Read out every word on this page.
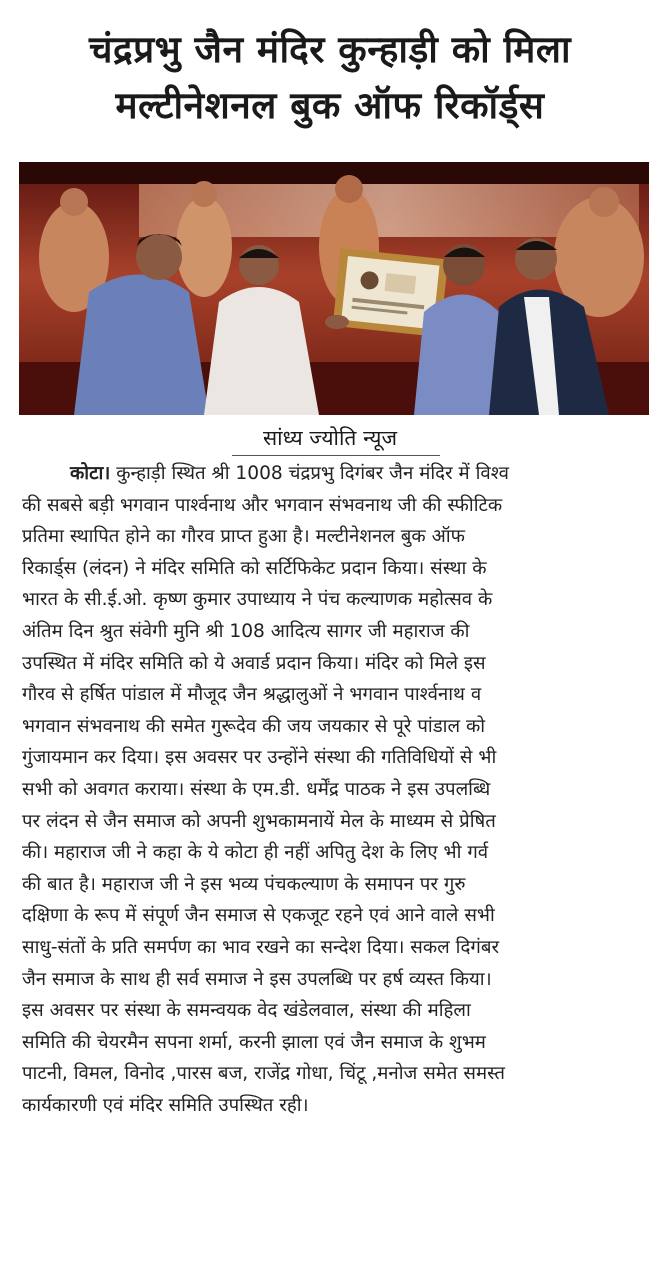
चंद्रप्रभु जैन मंदिर कुन्हाड़ी को मिला
मल्टीनेशनल बुक ऑफ रिकॉर्ड्स
सांध्य ज्योति न्यूज
कोटा। कुन्हाड़ी स्थित श्री 1008 चंद्रप्रभु दिगंबर जैन मंदिर में विश्व
की सबसे बड़ी भगवान पार्श्वनाथ और भगवान संभवनाथ जी की स्फीटिक
प्रतिमा स्थापित होने का गौरव प्राप्त हुआ है। मल्टीनेशनल बुक ऑफ
रिकार्ड्स (लंदन) ने मंदिर समिति को सर्टिफिकेट प्रदान किया। संस्था के
भारत के सी.ई.ओ. कृष्ण कुमार उपाध्याय ने पंच कल्याणक महोत्सव के
अंतिम दिन श्रुत संवेगी मुनि श्री 108 आदित्य सागर जी महाराज की
उपस्थित में मंदिर समिति को ये अवार्ड प्रदान किया। मंदिर को मिले इस
गौरव से हर्षित पांडाल में मौजूद जैन श्रद्धालुओं ने भगवान पार्श्वनाथ व
भगवान संभवनाथ की समेत गुरूदेव की जय जयकार से पूरे पांडाल को
गुंजायमान कर दिया। इस अवसर पर उन्होंने संस्था की गतिविधियों से भी
सभी को अवगत कराया। संस्था के एम.डी. धर्मेंद्र पाठक ने इस उपलब्धि
पर लंदन से जैन समाज को अपनी शुभकामनायें मेल के माध्यम से प्रेषित
की। महाराज जी ने कहा के ये कोटा ही नहीं अपितु देश के लिए भी गर्व
की बात है। महाराज जी ने इस भव्य पंचकल्याण के समापन पर गुरु
दक्षिणा के रूप में संपूर्ण जैन समाज से एकजूट रहने एवं आने वाले सभी
साधु-संतों के प्रति समर्पण का भाव रखने का सन्देश दिया। सकल दिगंबर
जैन समाज के साथ ही सर्व समाज ने इस उपलब्धि पर हर्ष व्यस्त किया।
इस अवसर पर संस्था के समन्वयक वेद खंडेलवाल, संस्था की महिला
समिति की चेयरमैन सपना शर्मा, करनी झाला एवं जैन समाज के शुभम
पाटनी, विमल, विनोद ,पारस बज, राजेंद्र गोधा, चिंटू ,मनोज समेत समस्त
कार्यकारणी एवं मंदिर समिति उपस्थित रही।
